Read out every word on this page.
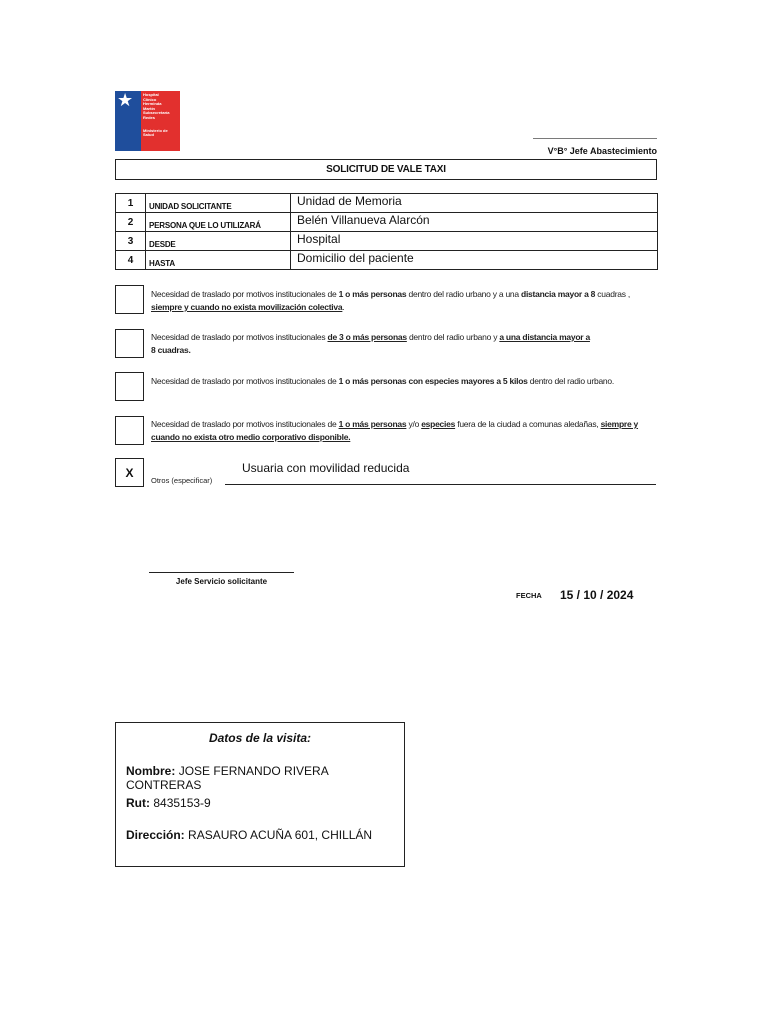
★ Hospital
Clínico
Herminda
Martín
Subsecretaría
Redes
Ministerio de
Salud
V°B° Jefe Abastecimiento
SOLICITUD DE VALE TAXI
1	UNIDAD SOLICITANTE	Unidad de Memoria
2	PERSONA QUE LO UTILIZARÁ	Belén Villanueva Alarcón
3	DESDE	Hospital
4	HASTA	Domicilio del paciente
Necesidad de traslado por motivos institucionales de 1 o más personas dentro del radio urbano y a una distancia mayor a 8 cuadras , siempre y cuando no exista movilización colectiva.
Necesidad de traslado por motivos institucionales de 3 o más personas dentro del radio urbano y a una distancia mayor a
8 cuadras.
Necesidad de traslado por motivos institucionales de 1 o más personas con especies mayores a 5 kilos dentro del radio urbano.
Necesidad de traslado por motivos institucionales de 1 o más personas y/o especies fuera de la ciudad a comunas aledañas, siempre y cuando no exista otro medio corporativo disponible.
X	Usuaria con movilidad reducida
Otros (especificar)
Jefe Servicio solicitante
FECHA 15 / 10 / 2024
Datos de la visita:
Nombre: JOSE FERNANDO RIVERA CONTRERAS
Rut: 8435153-9
Dirección: RASAURO ACUÑA 601, CHILLÁN
